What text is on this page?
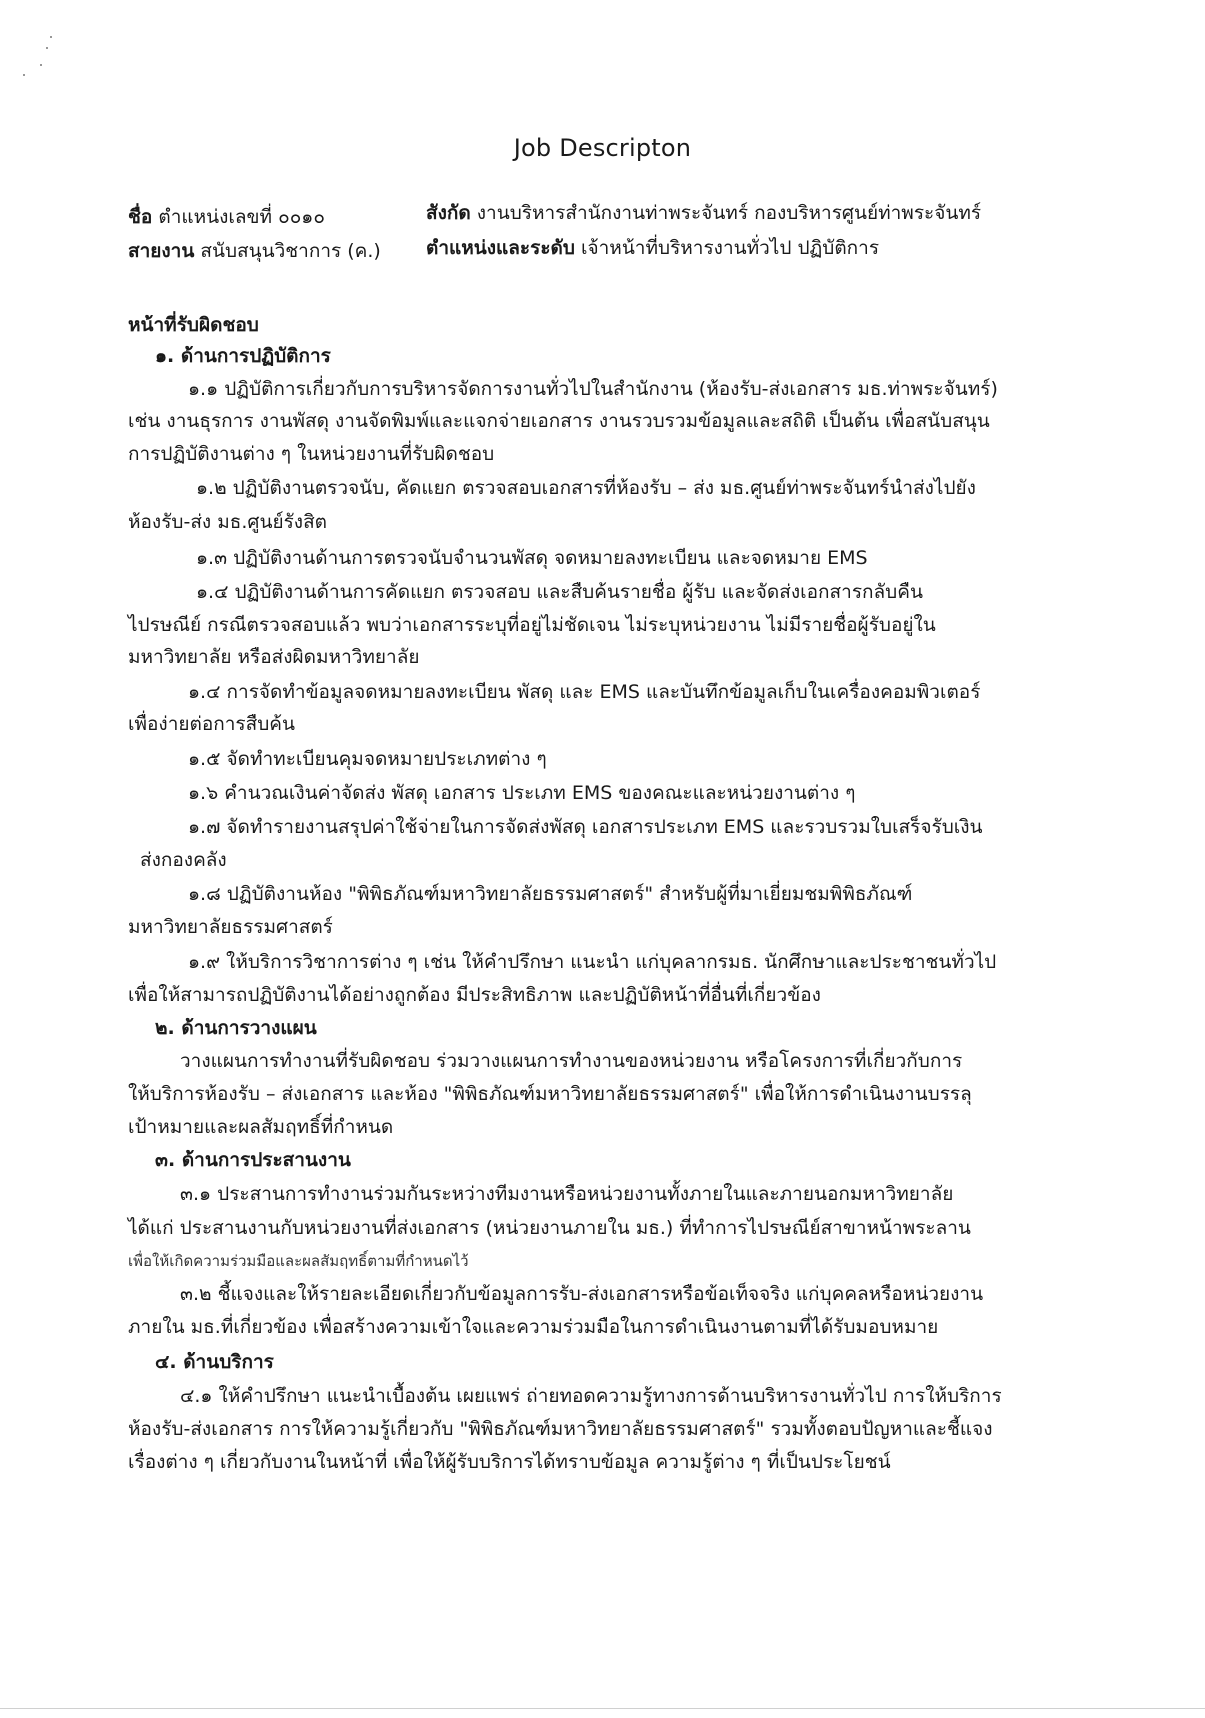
Job Descripton
ชื่อ ตำแหน่งเลขที่ ๐๐๑๐	สังกัด งานบริหารสำนักงานท่าพระจันทร์ กองบริหารศูนย์ท่าพระจันทร์
สายงาน สนับสนุนวิชาการ (ค.) ตำแหน่งและระดับ เจ้าหน้าที่บริหารงานทั่วไป ปฏิบัติการ
หน้าที่รับผิดชอบ
๑. ด้านการปฏิบัติการ
๑.๑ ปฏิบัติการเกี่ยวกับการบริหารจัดการงานทั่วไปในสำนักงาน (ห้องรับ-ส่งเอกสาร มธ.ท่าพระจันทร์)
เช่น งานธุรการ งานพัสดุ งานจัดพิมพ์และแจกจ่ายเอกสาร งานรวบรวมข้อมูลและสถิติ เป็นต้น เพื่อสนับสนุน
การปฏิบัติงานต่าง ๆ ในหน่วยงานที่รับผิดชอบ
๑.๒ ปฏิบัติงานตรวจนับ, คัดแยก ตรวจสอบเอกสารที่ห้องรับ – ส่ง มธ.ศูนย์ท่าพระจันทร์นำส่งไปยัง
ห้องรับ-ส่ง มธ.ศูนย์รังสิต
๑.๓ ปฏิบัติงานด้านการตรวจนับจำนวนพัสดุ จดหมายลงทะเบียน และจดหมาย EMS
๑.๔ ปฏิบัติงานด้านการคัดแยก ตรวจสอบ และสืบค้นรายชื่อ ผู้รับ และจัดส่งเอกสารกลับคืน
ไปรษณีย์ กรณีตรวจสอบแล้ว พบว่าเอกสารระบุที่อยู่ไม่ชัดเจน ไม่ระบุหน่วยงาน ไม่มีรายชื่อผู้รับอยู่ใน
มหาวิทยาลัย หรือส่งผิดมหาวิทยาลัย
๑.๔ การจัดทำข้อมูลจดหมายลงทะเบียน พัสดุ และ EMS และบันทึกข้อมูลเก็บในเครื่องคอมพิวเตอร์
เพื่อง่ายต่อการสืบค้น
๑.๕ จัดทำทะเบียนคุมจดหมายประเภทต่าง ๆ
๑.๖ คำนวณเงินค่าจัดส่ง พัสดุ เอกสาร ประเภท EMS ของคณะและหน่วยงานต่าง ๆ
๑.๗ จัดทำรายงานสรุปค่าใช้จ่ายในการจัดส่งพัสดุ เอกสารประเภท EMS และรวบรวมใบเสร็จรับเงิน
ส่งกองคลัง
๑.๘ ปฏิบัติงานห้อง "พิพิธภัณฑ์มหาวิทยาลัยธรรมศาสตร์" สำหรับผู้ที่มาเยี่ยมชมพิพิธภัณฑ์
มหาวิทยาลัยธรรมศาสตร์
๑.๙ ให้บริการวิชาการต่าง ๆ เช่น ให้คำปรึกษา แนะนำ แก่บุคลากรมธ. นักศึกษาและประชาชนทั่วไป
เพื่อให้สามารถปฏิบัติงานได้อย่างถูกต้อง มีประสิทธิภาพ และปฏิบัติหน้าที่อื่นที่เกี่ยวข้อง
๒. ด้านการวางแผน
วางแผนการทำงานที่รับผิดชอบ ร่วมวางแผนการทำงานของหน่วยงาน หรือโครงการที่เกี่ยวกับการ
ให้บริการห้องรับ – ส่งเอกสาร และห้อง "พิพิธภัณฑ์มหาวิทยาลัยธรรมศาสตร์" เพื่อให้การดำเนินงานบรรลุ
เป้าหมายและผลสัมฤทธิ์ที่กำหนด
๓. ด้านการประสานงาน
๓.๑ ประสานการทำงานร่วมกันระหว่างทีมงานหรือหน่วยงานทั้งภายในและภายนอกมหาวิทยาลัย
ได้แก่ ประสานงานกับหน่วยงานที่ส่งเอกสาร (หน่วยงานภายใน มธ.) ที่ทำการไปรษณีย์สาขาหน้าพระลาน
เพื่อให้เกิดความร่วมมือและผลสัมฤทธิ์ตามที่กำหนดไว้
๓.๒ ชี้แจงและให้รายละเอียดเกี่ยวกับข้อมูลการรับ-ส่งเอกสารหรือข้อเท็จจริง แก่บุคคลหรือหน่วยงาน
ภายใน มธ.ที่เกี่ยวข้อง เพื่อสร้างความเข้าใจและความร่วมมือในการดำเนินงานตามที่ได้รับมอบหมาย
๔. ด้านบริการ
๔.๑ ให้คำปรึกษา แนะนำเบื้องต้น เผยแพร่ ถ่ายทอดความรู้ทางการด้านบริหารงานทั่วไป การให้บริการ
ห้องรับ-ส่งเอกสาร การให้ความรู้เกี่ยวกับ "พิพิธภัณฑ์มหาวิทยาลัยธรรมศาสตร์" รวมทั้งตอบปัญหาและชี้แจง
เรื่องต่าง ๆ เกี่ยวกับงานในหน้าที่ เพื่อให้ผู้รับบริการได้ทราบข้อมูล ความรู้ต่าง ๆ ที่เป็นประโยชน์
